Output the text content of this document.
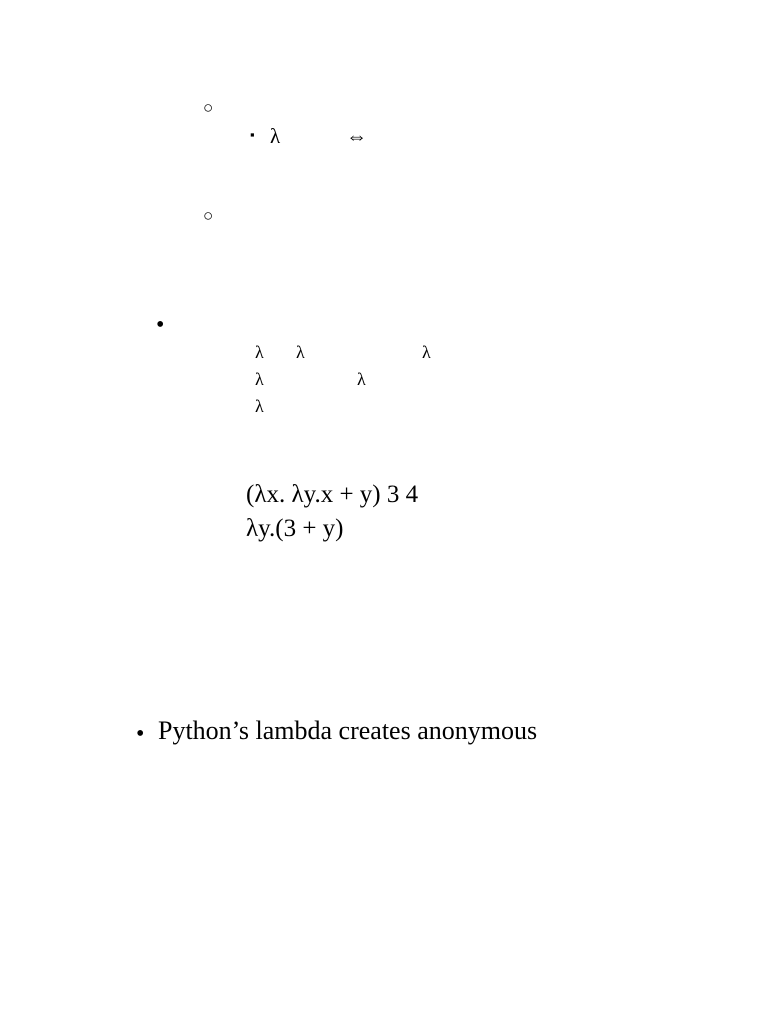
○
▪ λ	⇔
○
•
λ λ	λ
λ	λ
λ
(λx. λy.x + y) 3 4
λy.(3 + y)
• Python’s lambda creates anonymous
